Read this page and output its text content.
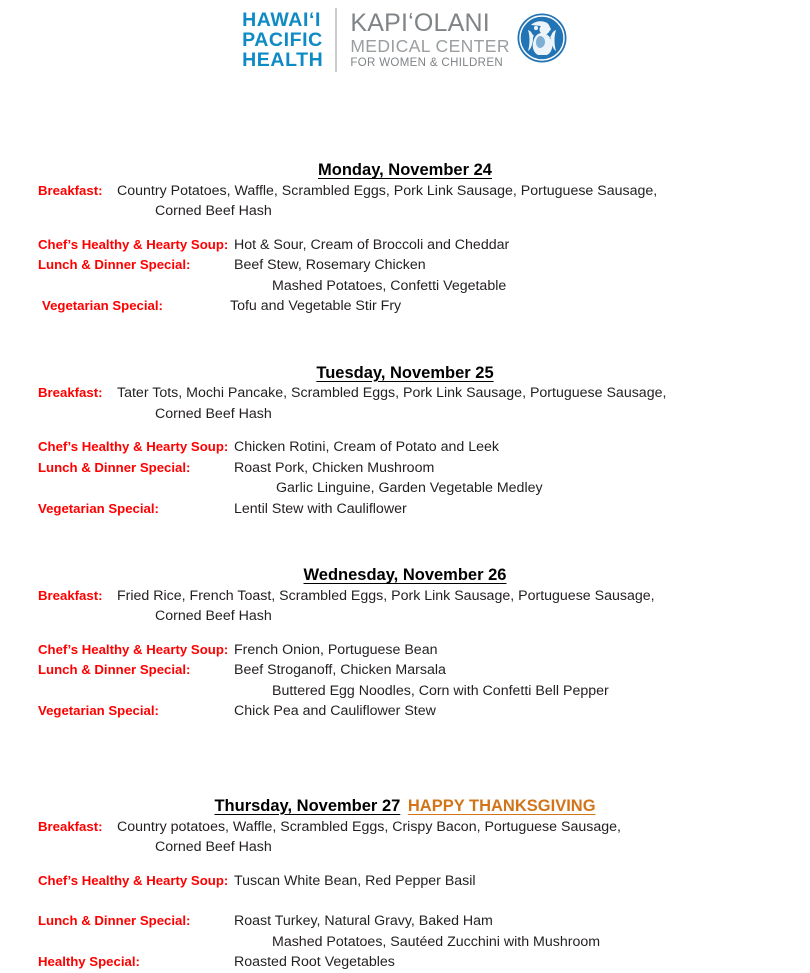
HAWAIʻI
PACIFIC
HEALTH
KAPIʻOLANI
MEDICAL CENTER
FOR WOMEN & CHILDREN
Monday, November 24
Breakfast:	Country Potatoes, Waffle, Scrambled Eggs, Pork Link Sausage, Portuguese Sausage,
Corned Beef Hash
Chef’s Healthy & Hearty Soup: Hot & Sour, Cream of Broccoli and Cheddar
Lunch & Dinner Special:	Beef Stew, Rosemary Chicken
Mashed Potatoes, Confetti Vegetable
Vegetarian Special:	Tofu and Vegetable Stir Fry
Tuesday, November 25
Breakfast:	Tater Tots, Mochi Pancake, Scrambled Eggs, Pork Link Sausage, Portuguese Sausage,
Corned Beef Hash
Chef’s Healthy & Hearty Soup: Chicken Rotini, Cream of Potato and Leek
Lunch & Dinner Special:	Roast Pork, Chicken Mushroom
Garlic Linguine, Garden Vegetable Medley
Vegetarian Special:	Lentil Stew with Cauliflower
Wednesday, November 26
Breakfast:	Fried Rice, French Toast, Scrambled Eggs, Pork Link Sausage, Portuguese Sausage,
Corned Beef Hash
Chef’s Healthy & Hearty Soup: French Onion, Portuguese Bean
Lunch & Dinner Special:	Beef Stroganoff, Chicken Marsala
Buttered Egg Noodles, Corn with Confetti Bell Pepper
Vegetarian Special:	Chick Pea and Cauliflower Stew
Thursday, November 27 HAPPY THANKSGIVING
Breakfast:	Country potatoes, Waffle, Scrambled Eggs, Crispy Bacon, Portuguese Sausage,
Corned Beef Hash
Chef’s Healthy & Hearty Soup: Tuscan White Bean, Red Pepper Basil
Lunch & Dinner Special:	Roast Turkey, Natural Gravy, Baked Ham
Mashed Potatoes, Sautéed Zucchini with Mushroom
Healthy Special:	Roasted Root Vegetables
